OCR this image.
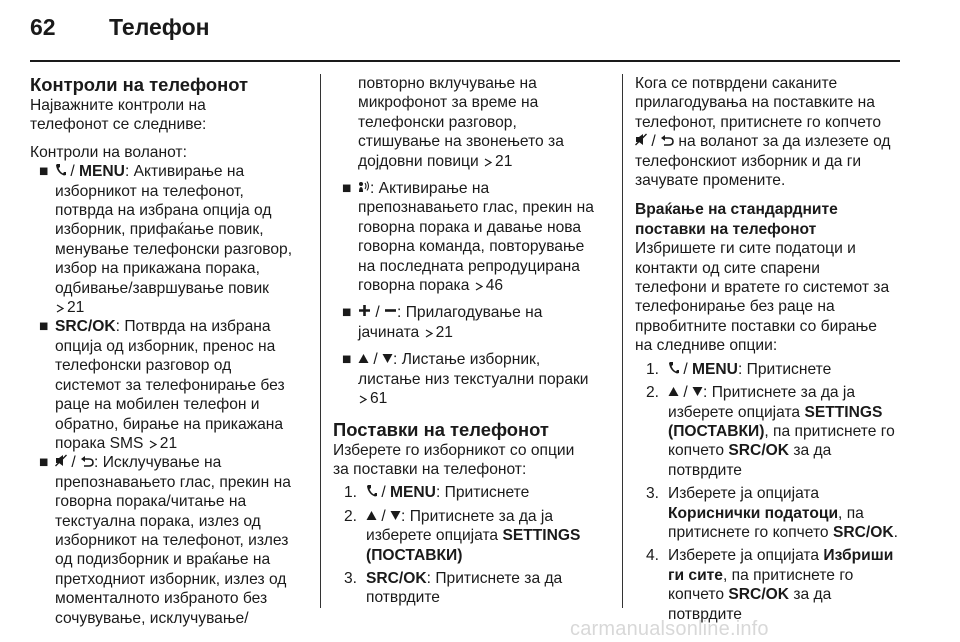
62	Телефон
Контроли на телефонот
Најважните контроли на
телефонот се следниве:
Контроли на воланот:
■	/ MENU: Активирање на
изборникот на телефонот,
потврда на избрана опција од
изборник, прифаќање повик,
менување телефонски разговор,
избор на прикажана порака,
одбивање/завршување повик
21
■ SRC/OK: Потврда на избрана
опција од изборник, пренос на
телефонски разговор од
системот за телефонирање без
раце на мобилен телефон и
обратно, бирање на прикажана
порака SMS 21
■	/ : Исклучување на
препознавањето глас, прекин на
говорна порака/читање на
текстуална порака, излез од
изборникот на телефонот, излез
од подизборник и враќање на
претходниот изборник, излез од
моменталното избраното без
сочувување, исклучување/
повторно вклучување на
микрофонот за време на
телефонски разговор,
стишување на звонењето за
дојдовни повици 21
■	: Активирање на
препознавањето глас, прекин на
говорна порака и давање нова
говорна команда, повторување
на последната репродуцирана
говорна порака 46
■	/ : Прилагодување на
јачината 21
■	/ : Листање изборник,
листање низ текстуални пораки
61
Поставки на телефонот
Изберете го изборникот со опции
за поставки на телефонот:
1.	/ MENU: Притиснете
2.	/ : Притиснете за да ја
изберете опцијата SETTINGS
(ПОСТАВКИ)
3. SRC/OK: Притиснете за да
потврдите
Кога се потврдени саканите
прилагодувања на поставките на
телефонот, притиснете го копчето
/ на воланот за да излезете од
телефонскиот изборник и да ги
зачувате промените.
Враќање на стандардните
поставки на телефонот
Избришете ги сите податоци и
контакти од сите спарени
телефони и вратете го системот за
телефонирање без раце на
првобитните поставки со бирање
на следниве опции:
1.	/ MENU: Притиснете
2.	/ : Притиснете за да ја
изберете опцијата SETTINGS
(ПОСТАВКИ), па притиснете го
копчето SRC/OK за да
потврдите
3. Изберете ја опцијата
Кориснички податоци, па
притиснете го копчето SRC/OK.
4. Изберете ја опцијата Избриши
ги сите, па притиснете го
копчето SRC/OK за да
потврдите
carmanualsonline.info
